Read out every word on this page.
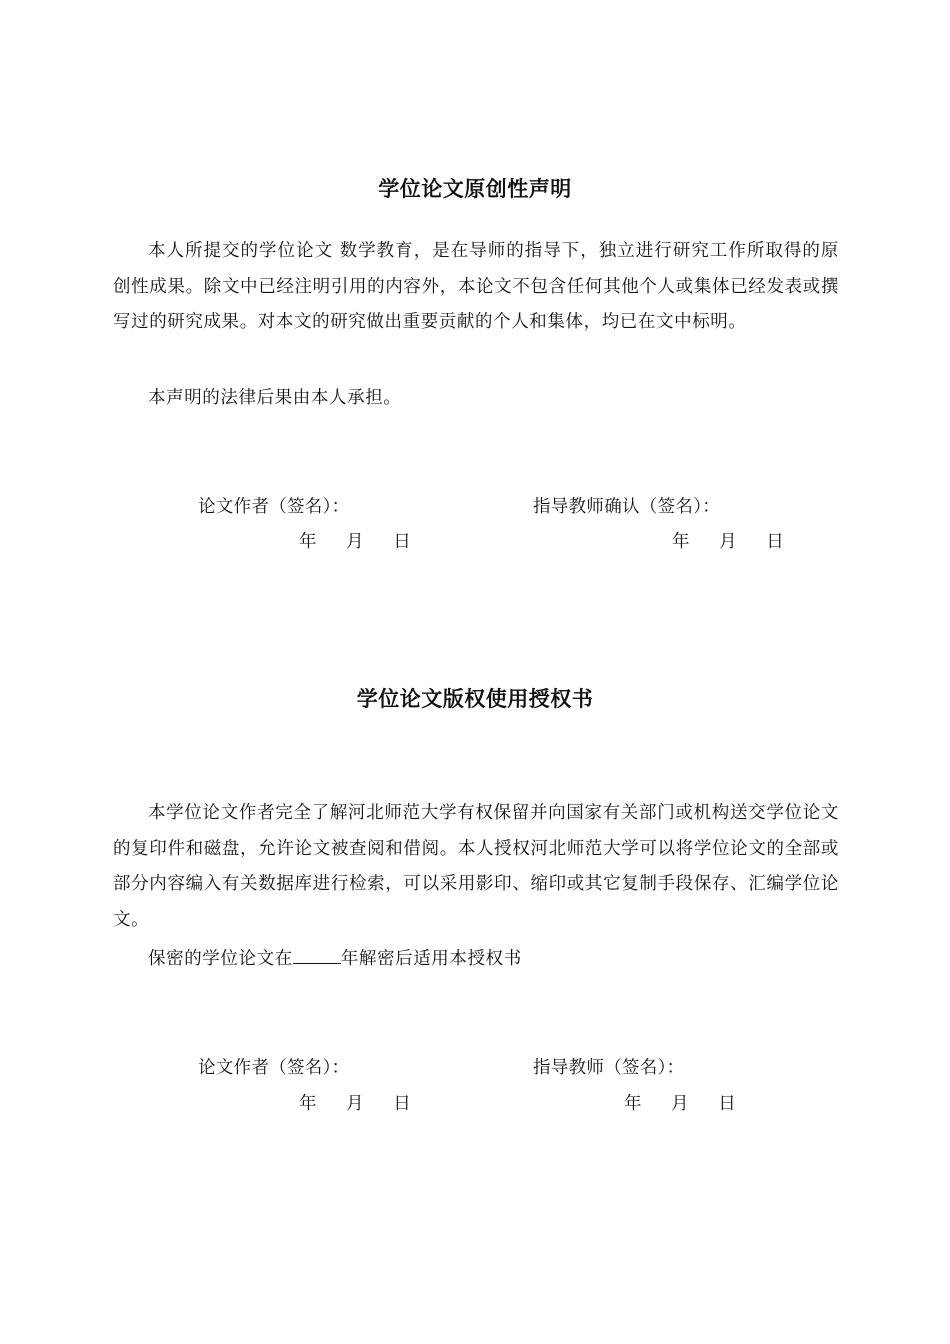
学位论文原创性声明

本人所提交的学位论文 数学教育，是在导师的指导下，独立进行研究工作所取得的原创性成果。除文中已经注明引用的内容外，本论文不包含任何其他个人或集体已经发表或撰写过的研究成果。对本文的研究做出重要贡献的个人和集体，均已在文中标明。

本声明的法律后果由本人承担。

论文作者（签名）：	指导教师确认（签名）：
年     月     日	年     月     日
学位论文版权使用授权书

本学位论文作者完全了解河北师范大学有权保留并向国家有关部门或机构送交学位论文的复印件和磁盘，允许论文被查阅和借阅。本人授权河北师范大学可以将学位论文的全部或部分内容编入有关数据库进行检索，可以采用影印、缩印或其它复制手段保存、汇编学位论文。

保密的学位论文在	年解密后适用本授权书

论文作者（签名）：	指导教师（签名）：
年     月     日	年     月     日
